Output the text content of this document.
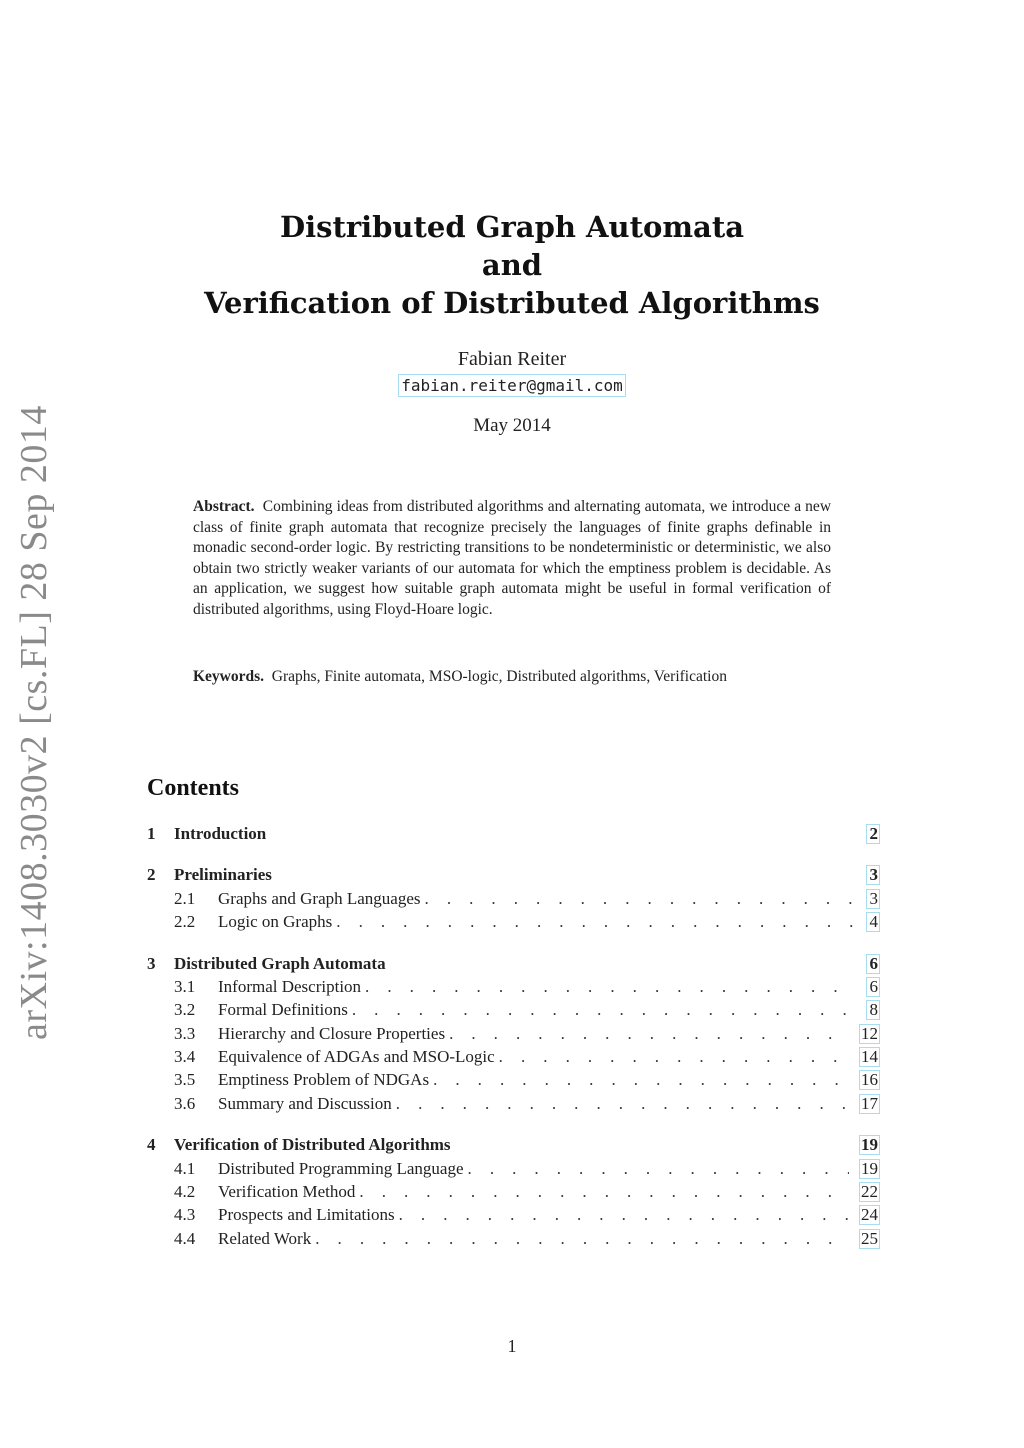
arXiv:1408.3030v2 [cs.FL] 28 Sep 2014
Distributed Graph Automata
and
Verification of Distributed Algorithms
Fabian Reiter
fabian.reiter@gmail.com
May 2014
Abstract. Combining ideas from distributed algorithms and alternating automata, we introduce a new class of finite graph automata that recognize precisely the languages of finite graphs definable in monadic second-order logic. By restricting transitions to be nondeterministic or deterministic, we also obtain two strictly weaker variants of our automata for which the emptiness problem is decidable. As an application, we suggest how suitable graph automata might be useful in formal verification of distributed algorithms, using Floyd-Hoare logic.
Keywords. Graphs, Finite automata, MSO-logic, Distributed algorithms, Verification
Contents
1	Introduction	2
2	Preliminaries	3
2.1	Graphs and Graph Languages . . .	3
2.2	Logic on Graphs . . .	4
3	Distributed Graph Automata	6
3.1	Informal Description . . .	6
3.2	Formal Definitions . . .	8
3.3	Hierarchy and Closure Properties . . .	12
3.4	Equivalence of ADGAs and MSO-Logic . . .	14
3.5	Emptiness Problem of NDGAs . . .	16
3.6	Summary and Discussion . . .	17
4	Verification of Distributed Algorithms	19
4.1	Distributed Programming Language . . .	19
4.2	Verification Method . . .	22
4.3	Prospects and Limitations . . .	24
4.4	Related Work . . .	25
1
